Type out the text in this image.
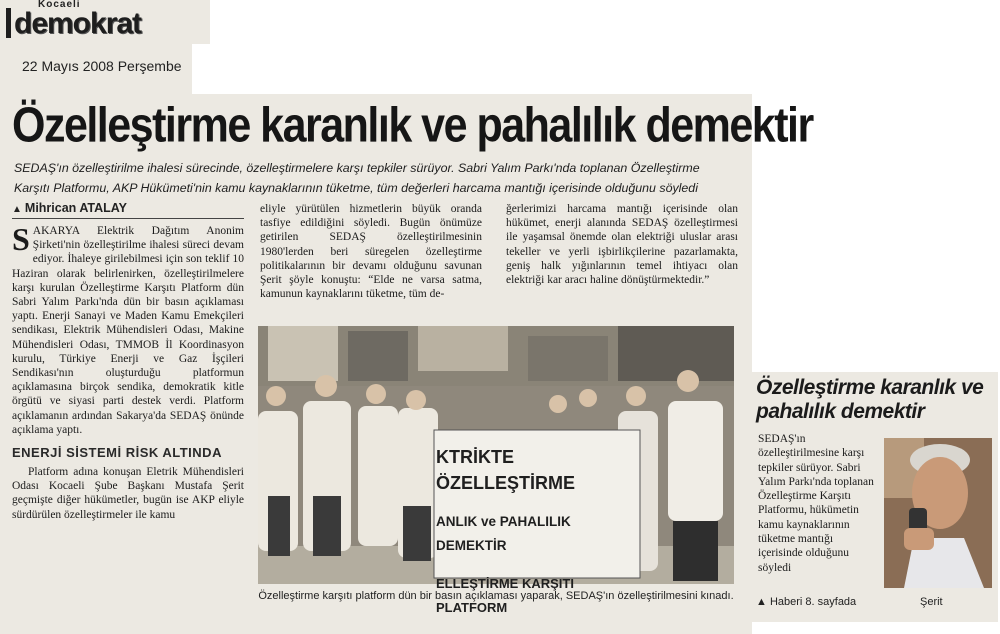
Kocaeli
demokrat
22 Mayıs 2008 Perşembe
Özelleştirme karanlık ve pahalılık demektir
SEDAŞ'ın özelleştirilme ihalesi sürecinde, özelleştirmelere karşı tepkiler sürüyor. Sabri Yalım Parkı'nda toplanan Özelleştirme
Karşıtı Platformu, AKP Hükümeti'nin kamu kaynaklarının tüketme, tüm değerleri harcama mantığı içerisinde olduğunu söyledi
▲ Mihrican ATALAY
SAKARYA Elektrik Dağıtım Anonim Şirketi'nin özelleştirilme ihalesi süreci devam ediyor. İhaleye girilebilmesi için son teklif 10 Haziran olarak belirlenirken, özelleştirilmelere karşı kurulan Özelleştirme Karşıtı Platform dün Sabri Yalım Parkı'nda dün bir basın açıklaması yaptı. Enerji Sanayi ve Maden Kamu Emekçileri sendikası, Elektrik Mühendisleri Odası, Makine Mühendisleri Odası, TMMOB İl Koordinasyon kurulu, Türkiye Enerji ve Gaz İşçileri Sendikası'nın oluşturduğu platformun açıklamasına birçok sendika, demokratik kitle örgütü ve siyasi parti destek verdi. Platform açıklamanın ardından Sakarya'da SEDAŞ önünde açıklama yaptı.
ENERJİ SİSTEMİ RİSK ALTINDA
Platform adına konuşan Eletrik Mühendisleri Odası Kocaeli Şube Başkanı Mustafa Şerit geçmişte diğer hükümetler, bugün ise AKP eliyle sürdürülen özelleştirmeler ile kamu
eliyle yürütülen hizmetlerin büyük oranda tasfiye edildiğini söyledi. Bugün önümüze getirilen SEDAŞ özelleştirilmesinin 1980'lerden beri süregelen özelleştirme politikalarının bir devamı olduğunu savunan Şerit şöyle konuştu: “Elde ne varsa satma, kamunun kaynaklarını tüketme, tüm de-
ğerlerimizi harcama mantığı içerisinde olan hükümet, enerji alanında SEDAŞ özelleştirmesi ile yaşamsal önemde olan elektriği uluslar arası tekeller ve yerli işbirlikçilerine pazarlamakta, geniş halk yığınlarının temel ihtiyacı olan elektriği kar aracı haline dönüştürmektedir.”
KTRİKTE ÖZELLEŞTİRME
ANLIK ve PAHALILIK DEMEKTİR
ELLEŞTİRME KARŞITI PLATFORM
Özelleştirme karşıtı platform dün bir basın açıklaması yaparak, SEDAŞ'ın özelleştirilmesini kınadı.
Özelleştirme karanlık ve pahalılık demektir
SEDAŞ'ın özelleştirilmesine karşı tepkiler sürüyor. Sabri Yalım Parkı'nda toplanan Özelleştirme Karşıtı Platformu, hükümetin kamu kaynaklarının tüketme mantığı içerisinde olduğunu söyledi
▲ Haberi 8. sayfada	Şerit
